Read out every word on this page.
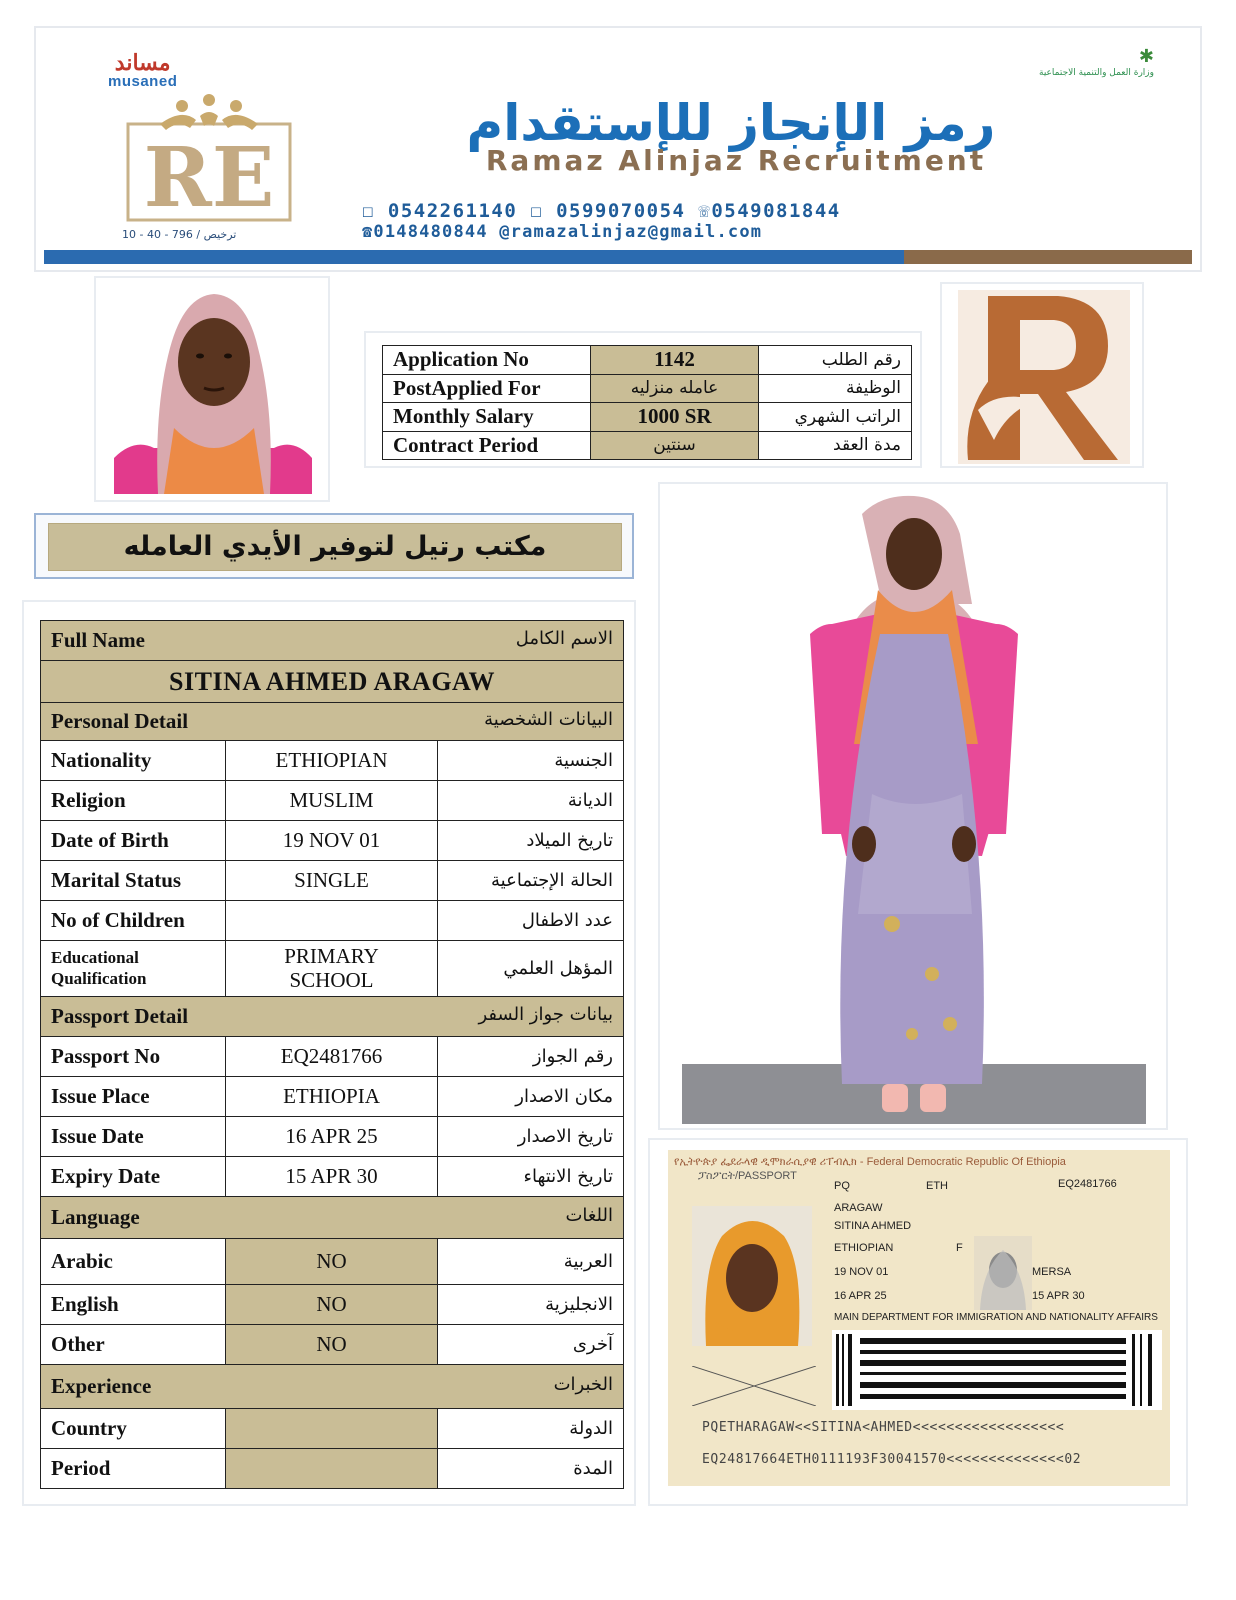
مساند
musaned
✱
وزارة العمل والتنمية الاجتماعية
RE
10 - 40 - 796 / ترخيص
رمز الإنجاز للإستقدام
Ramaz Alinjaz Recruitment
☐ 0542261140 ☐ 0599070054 ☏0549081844
☎0148480844 @ramazalinjaz@gmail.com
Application No	1142	رقم الطلب
PostApplied For	عامله منزليه	الوظيفة
Monthly Salary	1000 SR	الراتب الشهري
Contract Period	سنتين	مدة العقد
مكتب رتيل لتوفير الأيدي العامله
Full Name الاسم الكامل		

SITINA AHMED ARAGAW		
Personal Detail البيانات الشخصية		

Nationality	ETHIOPIAN	الجنسية
Religion	MUSLIM	الديانة
Date of Birth	19 NOV 01	تاريخ الميلاد
Marital Status	SINGLE	الحالة الإجتماعية
No of Children		عدد الاطفال
Educational Qualification	PRIMARY SCHOOL	المؤهل العلمي
Passport Detail بيانات جواز السفر		

Passport No	EQ2481766	رقم الجواز
Issue Place	ETHIOPIA	مكان الاصدار
Issue Date	16 APR 25	تاريخ الاصدار
Expiry Date	15 APR 30	تاريخ الانتهاء
Language اللغات		

Arabic	NO	العربية
English	NO	الانجليزية
Other	NO	آخرى
Experience الخبرات		

Country		الدولة
Period		المدة
የኢትዮጵያ ፌደራላዊ ዲሞክራሲያዊ ሪፐብሊክ - Federal Democratic Republic Of Ethiopia
ፓስፖርት/PASSPORT
PQ	ETH	EQ2481766
ARAGAW
SITINA AHMED
ETHIOPIAN	F
19 NOV 01	MERSA
16 APR 25	15 APR 30
MAIN DEPARTMENT FOR IMMIGRATION AND NATIONALITY AFFAIRS
PQETHARAGAW<<SITINA<AHMED<<<<<<<<<<<<<<<<<<
EQ24817664ETH0111193F30041570<<<<<<<<<<<<<<02
